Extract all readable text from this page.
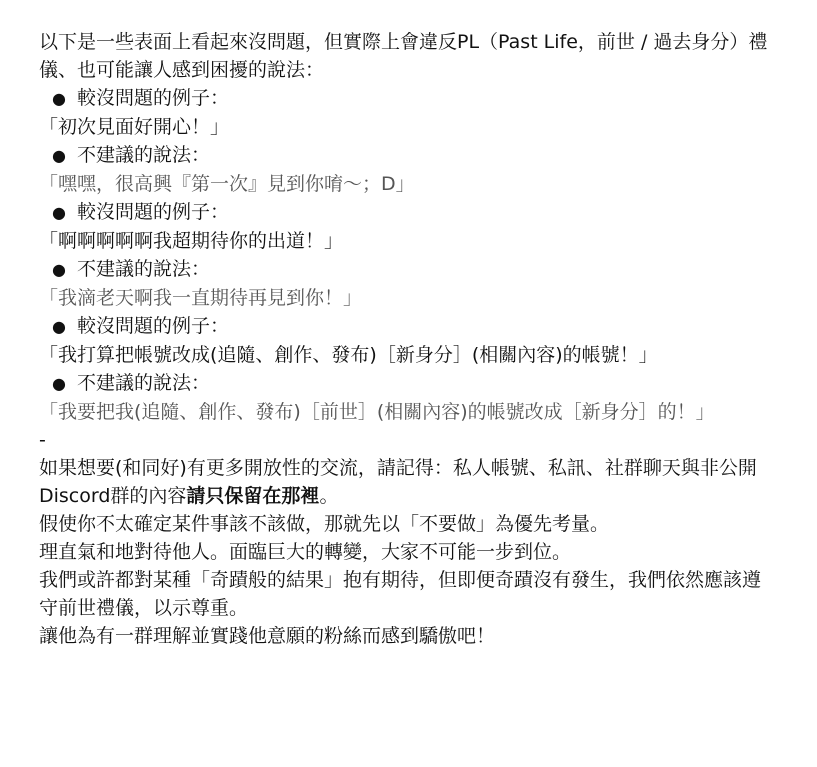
以下是一些表面上看起來沒問題，但實際上會違反PL（Past Life，前世 / 過去身分）禮儀、也可能讓人感到困擾的說法：

● 較沒問題的例子：

「初次見面好開心！」

● 不建議的說法：

「嘿嘿，很高興『第一次』見到你唷～；D」

● 較沒問題的例子：

「啊啊啊啊啊我超期待你的出道！」

● 不建議的說法：

「我滴老天啊我一直期待再見到你！」

● 較沒問題的例子：

「我打算把帳號改成(追隨、創作、發布)［新身分］(相關內容)的帳號！」

● 不建議的說法：

「我要把我(追隨、創作、發布)［前世］(相關內容)的帳號改成［新身分］的！」

-

如果想要(和同好)有更多開放性的交流，請記得：私人帳號、私訊、社群聊天與非公開Discord群的內容請只保留在那裡。

假使你不太確定某件事該不該做，那就先以「不要做」為優先考量。

理直氣和地對待他人。面臨巨大的轉變，大家不可能一步到位。

我們或許都對某種「奇蹟般的結果」抱有期待，但即便奇蹟沒有發生，我們依然應該遵守前世禮儀，以示尊重。

讓他為有一群理解並實踐他意願的粉絲而感到驕傲吧！
